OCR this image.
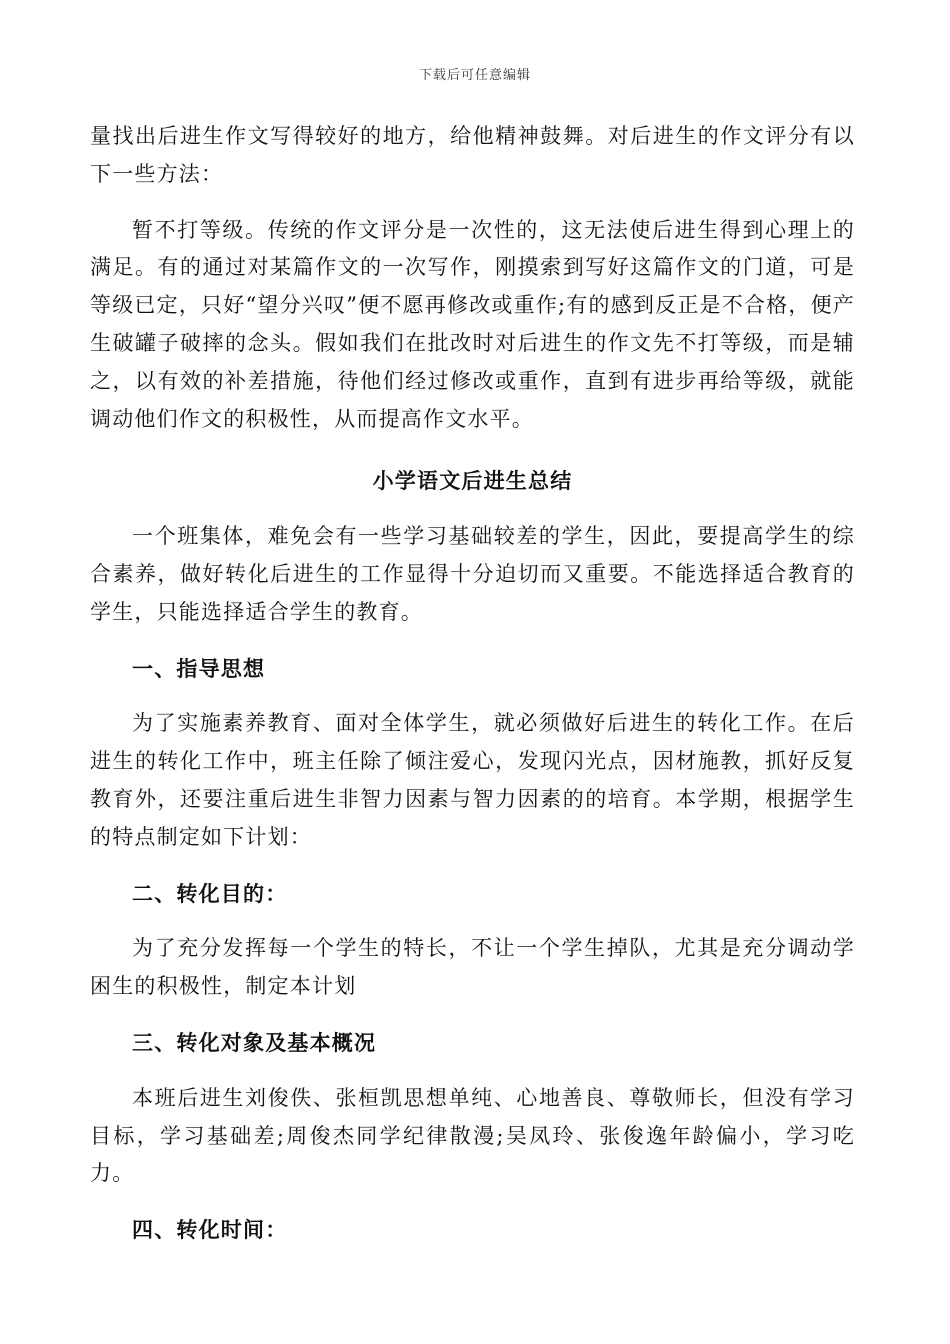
下载后可任意编辑

量找出后进生作文写得较好的地方，给他精神鼓舞。对后进生的作文评分有以下一些方法：

暂不打等级。传统的作文评分是一次性的，这无法使后进生得到心理上的满足。有的通过对某篇作文的一次写作，刚摸索到写好这篇作文的门道，可是等级已定，只好“望分兴叹”便不愿再修改或重作;有的感到反正是不合格，便产生破罐子破摔的念头。假如我们在批改时对后进生的作文先不打等级，而是辅之，以有效的补差措施，待他们经过修改或重作，直到有进步再给等级，就能调动他们作文的积极性，从而提高作文水平。

小学语文后进生总结

一个班集体，难免会有一些学习基础较差的学生，因此，要提高学生的综合素养，做好转化后进生的工作显得十分迫切而又重要。不能选择适合教育的学生，只能选择适合学生的教育。

一、指导思想

为了实施素养教育、面对全体学生，就必须做好后进生的转化工作。在后进生的转化工作中，班主任除了倾注爱心，发现闪光点，因材施教，抓好反复教育外，还要注重后进生非智力因素与智力因素的的培育。本学期，根据学生的特点制定如下计划：

二、转化目的：

为了充分发挥每一个学生的特长，不让一个学生掉队，尤其是充分调动学困生的积极性，制定本计划

三、转化对象及基本概况

本班后进生刘俊佚、张桓凯思想单纯、心地善良、尊敬师长，但没有学习目标，学习基础差;周俊杰同学纪律散漫;吴凤玲、张俊逸年龄偏小，学习吃力。

四、转化时间：
